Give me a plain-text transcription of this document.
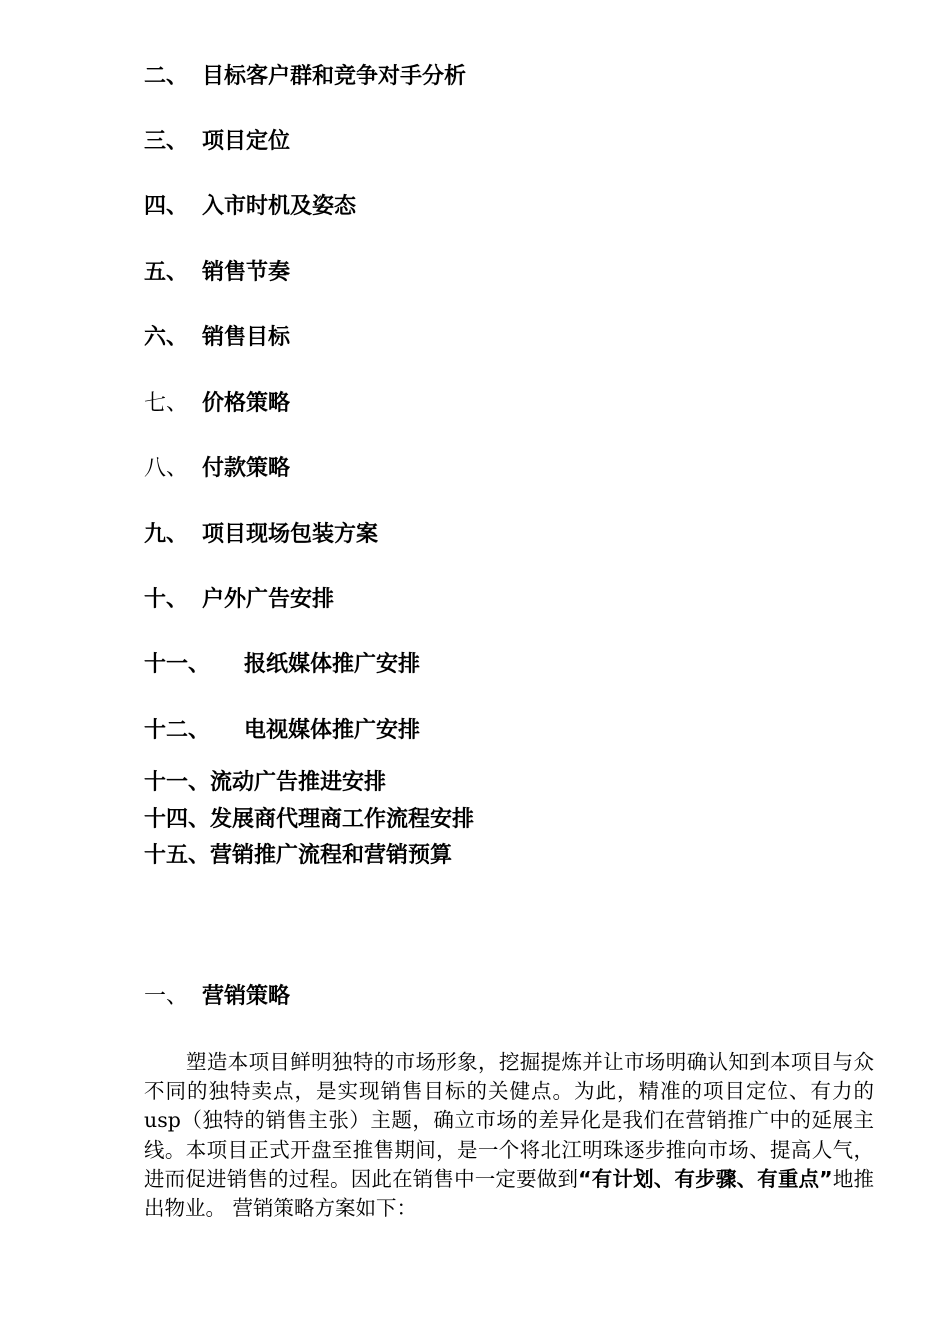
二、 目标客户群和竞争对手分析
三、 项目定位
四、 入市时机及姿态
五、 销售节奏
六、 销售目标
七、 价格策略
八、 付款策略
九、 项目现场包装方案
十、 户外广告安排
十一、 报纸媒体推广安排
十二、 电视媒体推广安排
十一、流动广告推进安排
十四、发展商代理商工作流程安排
十五、营销推广流程和营销预算
一、 营销策略

塑造本项目鲜明独特的市场形象，挖掘提炼并让市场明确认知到本项目与众不同的独特卖点，是实现销售目标的关健点。为此，精准的项目定位、有力的usp（独特的销售主张）主题，确立市场的差异化是我们在营销推广中的延展主线。本项目正式开盘至推售期间，是一个将北江明珠逐步推向市场、提高人气，进而促进销售的过程。因此在销售中一定要做到“有计划、有步骤、有重点”地推出物业。 营销策略方案如下：
